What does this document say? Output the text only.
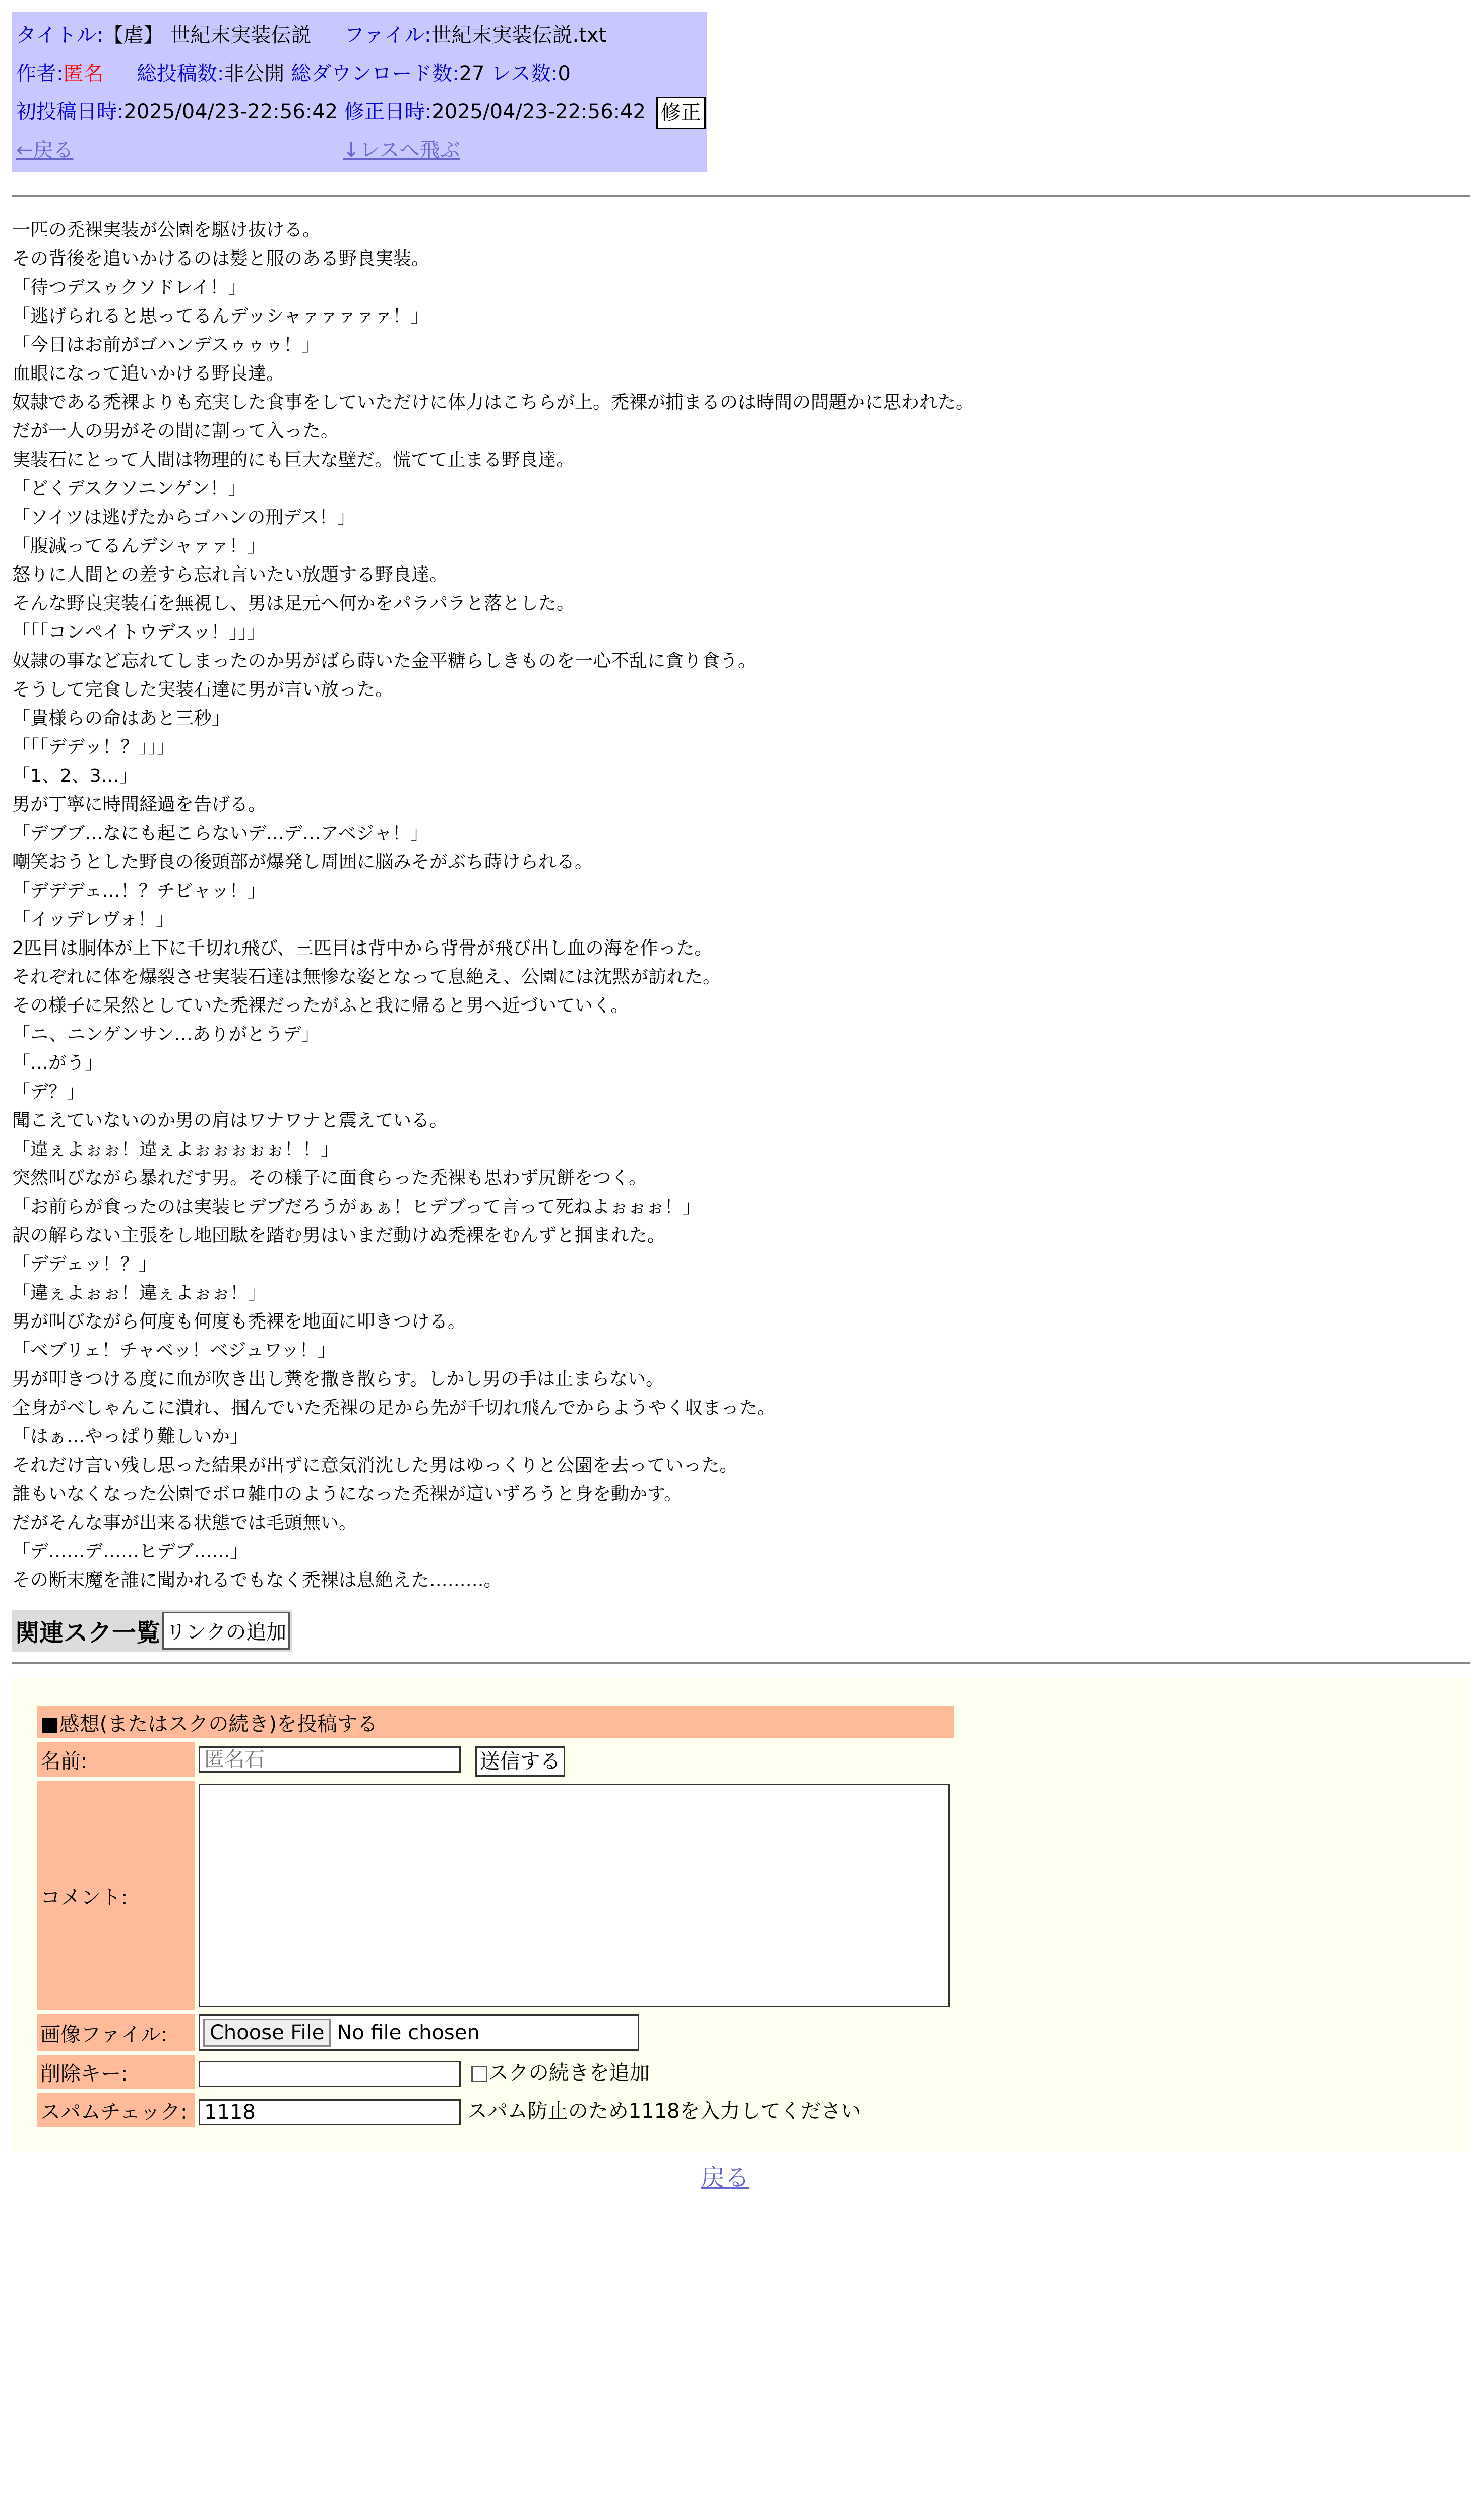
タイトル:【虐】 世紀末実装伝説 ファイル:世紀末実装伝説.txt
作者:匿名 総投稿数:非公開 総ダウンロード数:27 レス数:0
初投稿日時:2025/04/23-22:56:42 修正日時:2025/04/23-22:56:42 修正
←戻る	↓レスへ飛ぶ
一匹の禿裸実装が公園を駆け抜ける。
その背後を追いかけるのは髪と服のある野良実装。
「待つデスゥクソドレイ！」
「逃げられると思ってるんデッシャァァァァァ！」
「今日はお前がゴハンデスゥゥゥ！」
血眼になって追いかける野良達。
奴隷である禿裸よりも充実した食事をしていただけに体力はこちらが上。禿裸が捕まるのは時間の問題かに思われた。
だが一人の男がその間に割って入った。
実装石にとって人間は物理的にも巨大な壁だ。慌てて止まる野良達。
「どくデスクソニンゲン！」
「ソイツは逃げたからゴハンの刑デス！」
「腹減ってるんデシャァァ！」
怒りに人間との差すら忘れ言いたい放題する野良達。
そんな野良実装石を無視し、男は足元へ何かをパラパラと落とした。
「｢｢コンペイトウデスッ！｣｣」
奴隷の事など忘れてしまったのか男がばら蒔いた金平糖らしきものを一心不乱に貪り食う。
そうして完食した実装石達に男が言い放った。
「貴様らの命はあと三秒」
「｢｢デデッ！？｣｣」
「1、2、3…」
男が丁寧に時間経過を告げる。
「デブブ…なにも起こらないデ…デ…アベジャ！」
嘲笑おうとした野良の後頭部が爆発し周囲に脳みそがぶち蒔けられる。
「デデデェ…！？チビャッ！」
「イッデレヴォ！」
2匹目は胴体が上下に千切れ飛び、三匹目は背中から背骨が飛び出し血の海を作った。
それぞれに体を爆裂させ実装石達は無惨な姿となって息絶え、公園には沈黙が訪れた。
その様子に呆然としていた禿裸だったがふと我に帰ると男へ近づいていく。
「ニ、ニンゲンサン…ありがとうデ」
「…がう」
「デ？」
聞こえていないのか男の肩はワナワナと震えている。
「違ぇよぉぉ！違ぇよぉぉぉぉぉ！！」
突然叫びながら暴れだす男。その様子に面食らった禿裸も思わず尻餅をつく。
「お前らが食ったのは実装ヒデブだろうがぁぁ！ヒデブって言って死ねよぉぉぉ！」
訳の解らない主張をし地団駄を踏む男はいまだ動けぬ禿裸をむんずと掴まれた。
「デデェッ！？」
「違ぇよぉぉ！違ぇよぉぉ！」
男が叫びながら何度も何度も禿裸を地面に叩きつける。
「ベブリェ！チャベッ！ベジュワッ！」
男が叩きつける度に血が吹き出し糞を撒き散らす。しかし男の手は止まらない。
全身がべしゃんこに潰れ、掴んでいた禿裸の足から先が千切れ飛んでからようやく収まった。
「はぁ…やっぱり難しいか」
それだけ言い残し思った結果が出ずに意気消沈した男はゆっくりと公園を去っていった。
誰もいなくなった公園でボロ雑巾のようになった禿裸が這いずろうと身を動かす。
だがそんな事が出来る状態では毛頭無い。
「デ……デ……ヒデブ……」
その断末魔を誰に聞かれるでもなく禿裸は息絶えた………。
関連スク一覧 リンクの追加
■感想(またはスクの続き)を投稿する	
名前:	匿名石送信する
コメント:	

画像ファイル:	Choose File No file chosen

削除キー:	スクの続きを追加
スパムチェック:	1118スパム防止のため1118を入力してください
戻る
